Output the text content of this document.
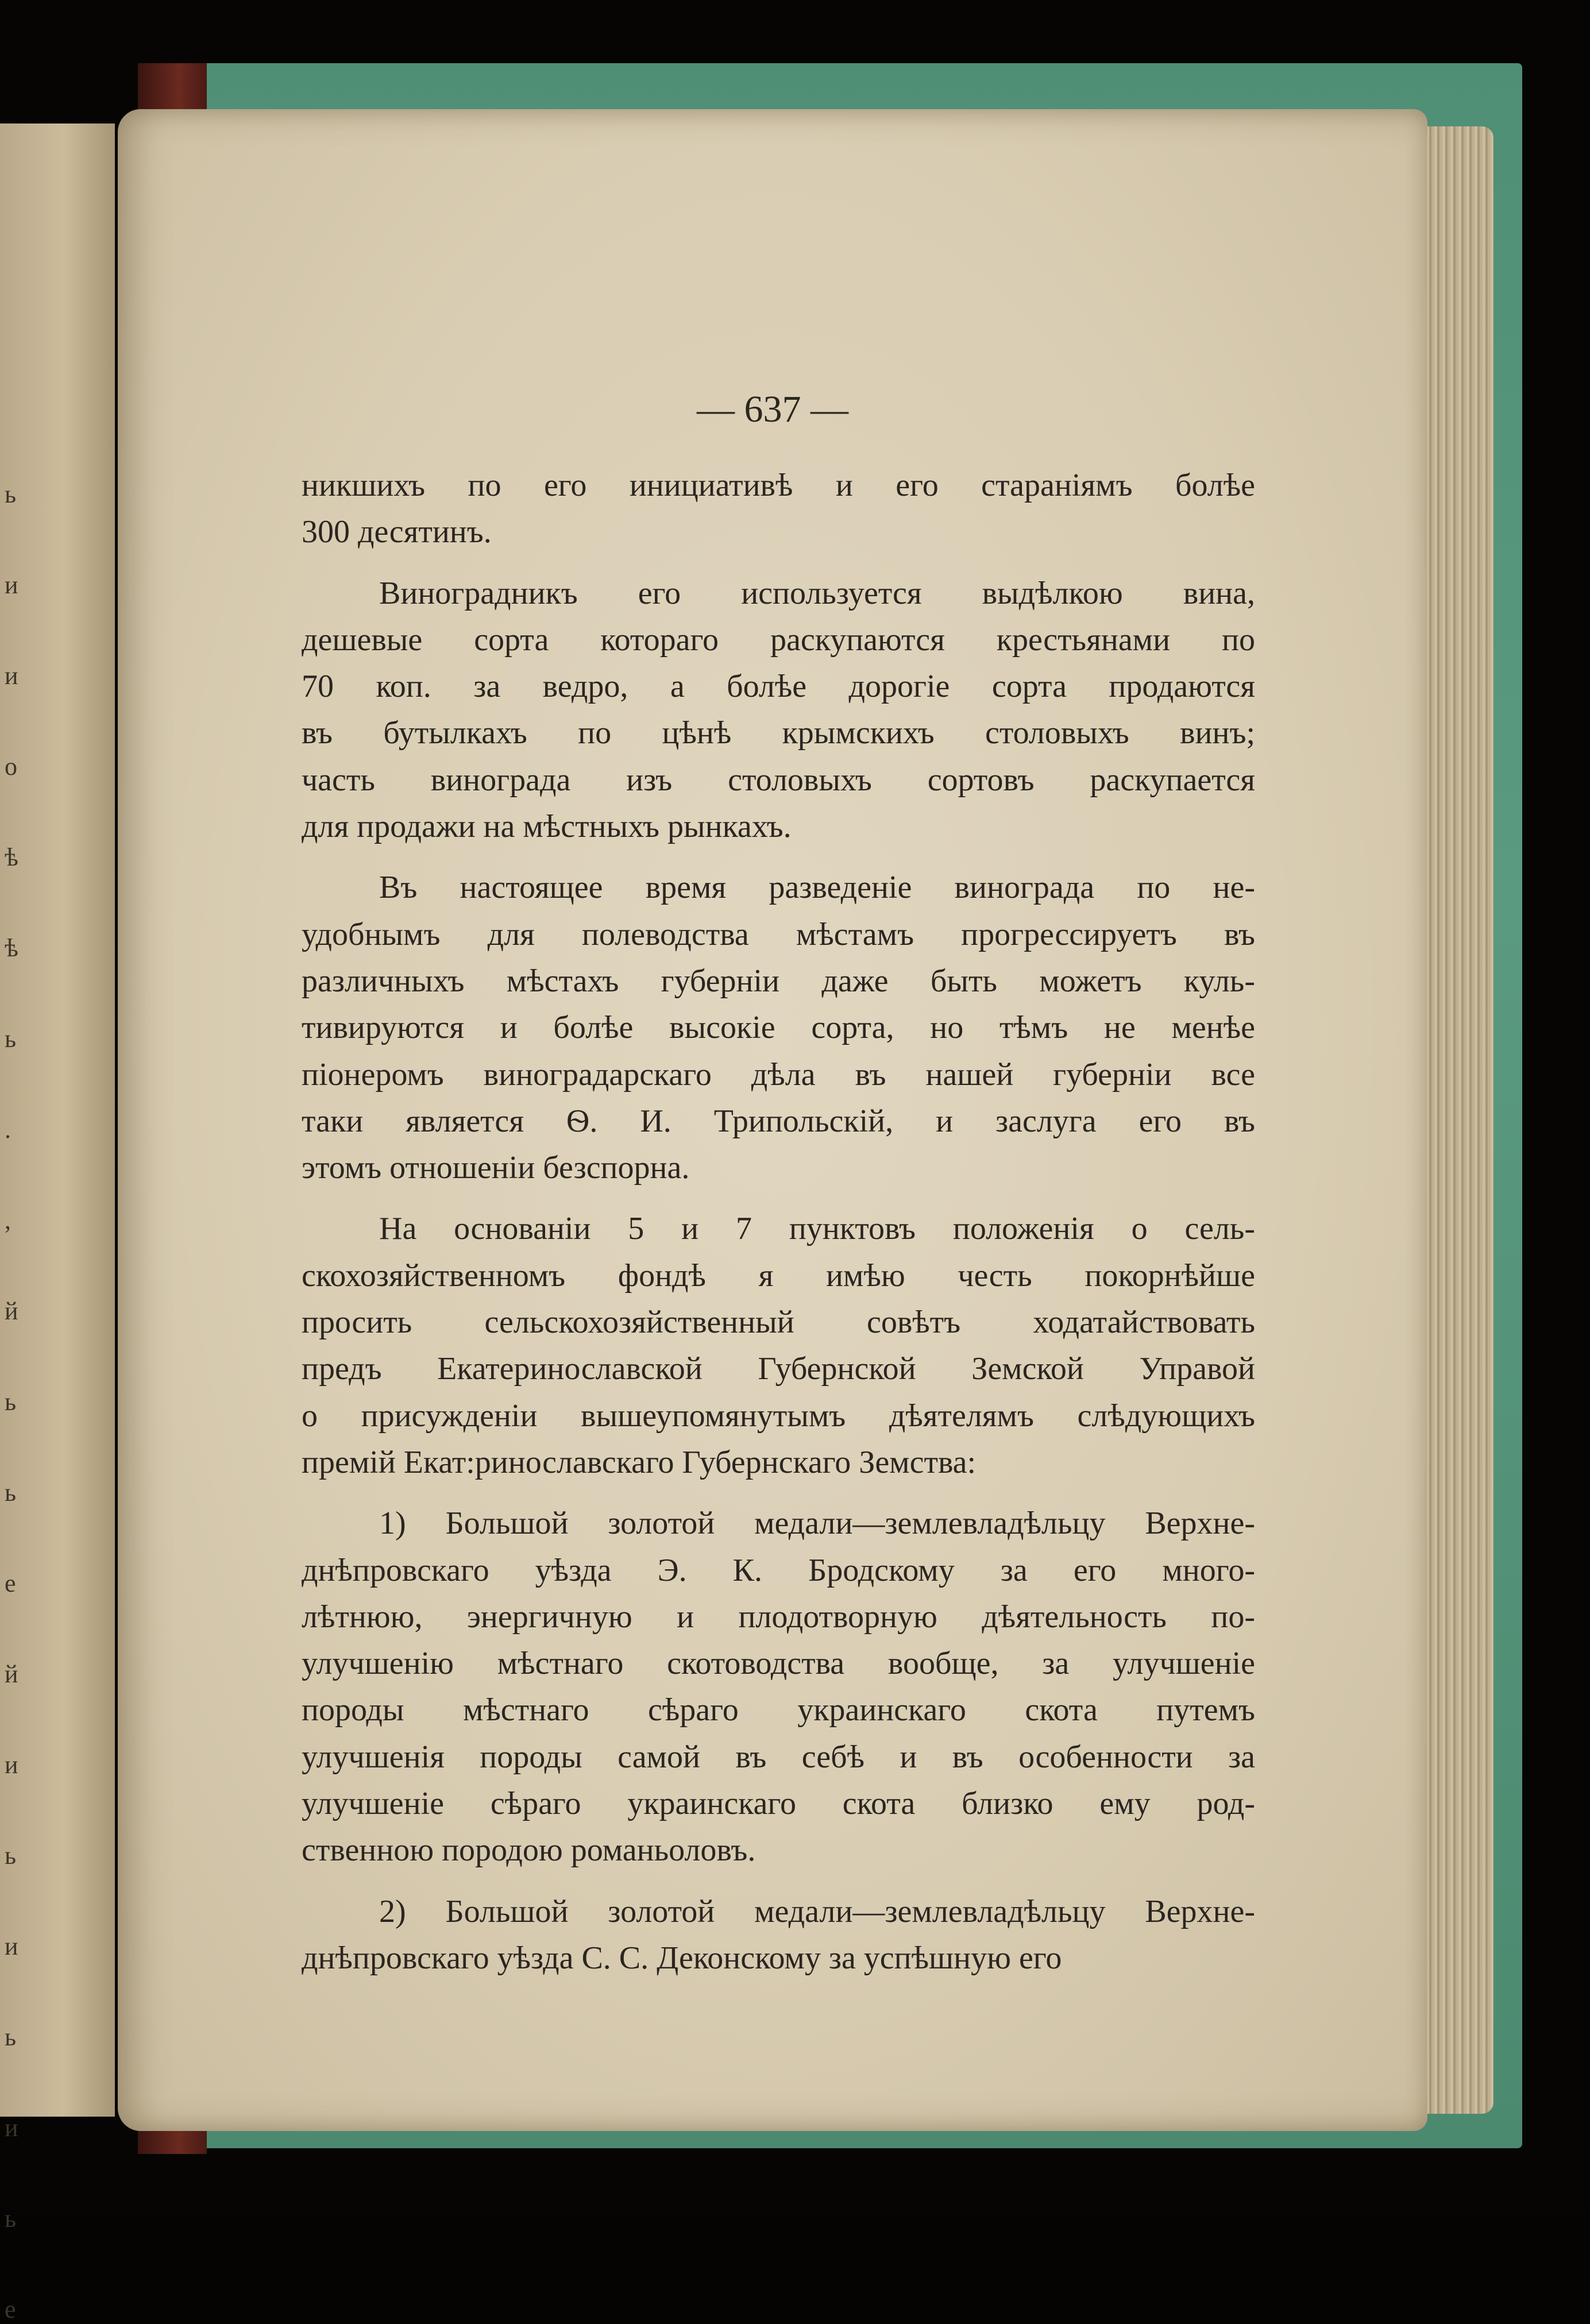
ь
и
и
о
ѣ
ѣ
ь
.
,
й
ь
ь
е
й
и
ь
и
ь
и
ь
е
— 637 —
никшихъ по его инициативѣ и его стараніямъ болѣе
300 десятинъ.
Виноградникъ его используется выдѣлкою вина,
дешевые сорта котораго раскупаются крестьянами по
70 коп. за ведро, а болѣе дорогіе сорта продаются
въ бутылкахъ по цѣнѣ крымскихъ столовыхъ винъ;
часть винограда изъ столовыхъ сортовъ раскупается
для продажи на мѣстныхъ рынкахъ.
Въ настоящее время разведеніе винограда по не-
удобнымъ для полеводства мѣстамъ прогрессируетъ въ
различныхъ мѣстахъ губерніи даже быть можетъ куль-
тивируются и болѣе высокіе сорта, но тѣмъ не менѣе
піонеромъ виноградарскаго дѣла въ нашей губерніи все
таки является Ѳ. И. Трипольскій, и заслуга его въ
этомъ отношеніи безспорна.
На основаніи 5 и 7 пунктовъ положенія о сель-
скохозяйственномъ фондѣ я имѣю честь покорнѣйше
просить сельскохозяйственный совѣтъ ходатайствовать
предъ Екатеринославской Губернской Земской Управой
о присужденіи вышеупомянутымъ дѣятелямъ слѣдующихъ
премій Екат:ринославскаго Губернскаго Земства:
1) Большой золотой медали—землевладѣльцу Верхне-
днѣпровскаго уѣзда Э. К. Бродскому за его много-
лѣтнюю, энергичную и плодотворную дѣятельность по-
улучшенію мѣстнаго скотоводства вообще, за улучшеніе
породы мѣстнаго сѣраго украинскаго скота путемъ
улучшенія породы самой въ себѣ и въ особенности за
улучшеніе сѣраго украинскаго скота близко ему род-
ственною породою романьоловъ.
2) Большой золотой медали—землевладѣльцу Верхне-
днѣпровскаго уѣзда С. С. Деконскому за успѣшную его
